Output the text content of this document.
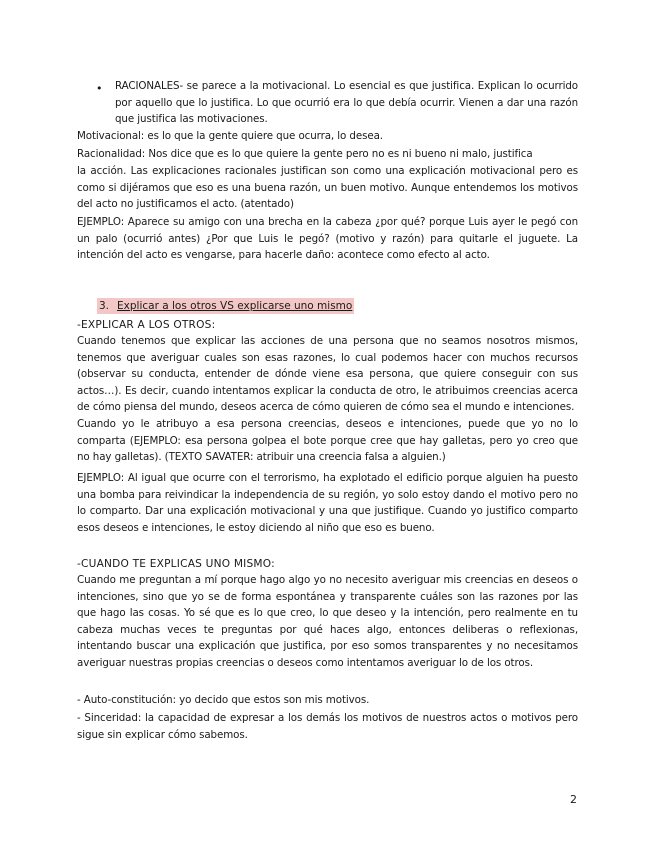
• RACIONALES- se parece a la motivacional. Lo esencial es que justifica. Explican lo ocurrido por aquello que lo justifica. Lo que ocurrió era lo que debía ocurrir. Vienen a dar una razón que justifica las motivaciones.

Motivacional: es lo que la gente quiere que ocurra, lo desea.

Racionalidad: Nos dice que es lo que quiere la gente pero no es ni bueno ni malo, justifica

la acción. Las explicaciones racionales justifican son como una explicación motivacional pero es como si dijéramos que eso es una buena razón, un buen motivo. Aunque entendemos los motivos del acto no justificamos el acto. (atentado)

EJEMPLO: Aparece su amigo con una brecha en la cabeza ¿por qué? porque Luis ayer le pegó con un palo (ocurrió antes) ¿Por que Luis le pegó? (motivo y razón) para quitarle el juguete. La intención del acto es vengarse, para hacerle daño: acontece como efecto al acto.

3. Explicar a los otros VS explicarse uno mismo
-EXPLICAR A LOS OTROS:

Cuando tenemos que explicar las acciones de una persona que no seamos nosotros mismos, tenemos que averiguar cuales son esas razones, lo cual podemos hacer con muchos recursos (observar su conducta, entender de dónde viene esa persona, que quiere conseguir con sus actos…). Es decir, cuando intentamos explicar la conducta de otro, le atribuimos creencias acerca de cómo piensa del mundo, deseos acerca de cómo quieren de cómo sea el mundo e intenciones.

Cuando yo le atribuyo a esa persona creencias, deseos e intenciones, puede que yo no lo comparta (EJEMPLO: esa persona golpea el bote porque cree que hay galletas, pero yo creo que no hay galletas). (TEXTO SAVATER: atribuir una creencia falsa a alguien.)

EJEMPLO: Al igual que ocurre con el terrorismo, ha explotado el edificio porque alguien ha puesto una bomba para reivindicar la independencia de su región, yo solo estoy dando el motivo pero no lo comparto. Dar una explicación motivacional y una que justifique. Cuando yo justifico comparto esos deseos e intenciones, le estoy diciendo al niño que eso es bueno.

-CUANDO TE EXPLICAS UNO MISMO:

Cuando me preguntan a mí porque hago algo yo no necesito averiguar mis creencias en deseos o intenciones, sino que yo se de forma espontánea y transparente cuáles son las razones por las que hago las cosas. Yo sé que es lo que creo, lo que deseo y la intención, pero realmente en tu cabeza muchas veces te preguntas por qué haces algo, entonces deliberas o reflexionas, intentando buscar una explicación que justifica, por eso somos transparentes y no necesitamos averiguar nuestras propias creencias o deseos como intentamos averiguar lo de los otros.

- Auto-constitución: yo decido que estos son mis motivos.

- Sinceridad: la capacidad de expresar a los demás los motivos de nuestros actos o motivos pero sigue sin explicar cómo sabemos.

2
